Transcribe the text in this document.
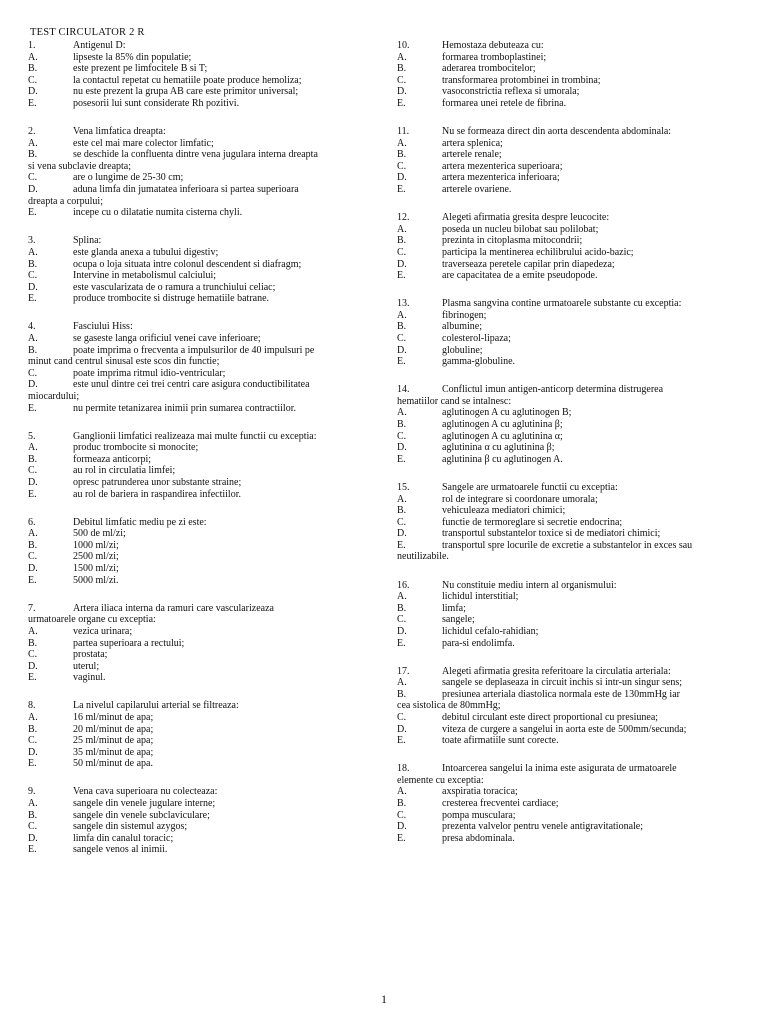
TEST CIRCULATOR 2 R
1.	Antigenul D:
A.	lipseste la 85% din populatie;
B.	este prezent pe limfocitele B si T;
C.	la contactul repetat cu hematiile poate produce hemoliza;
D.	nu este prezent la grupa AB care este primitor universal;
E.	posesorii lui sunt considerate Rh pozitivi.
2.	Vena limfatica dreapta:
A.	este cel mai mare colector limfatic;
B.	se deschide la confluenta dintre vena jugulara interna dreapta
si vena subclavie dreapta;
C.	are o lungime de 25-30 cm;
D.	aduna limfa din jumatatea inferioara si partea superioara
dreapta a corpului;
E.	incepe cu o dilatatie numita cisterna chyli.
3.	Splina:
A.	este glanda anexa a tubului digestiv;
B.	ocupa o loja situata intre colonul descendent si diafragm;
C.	Intervine in metabolismul calciului;
D.	este vascularizata de o ramura a trunchiului celiac;
E.	produce trombocite si distruge hematiile batrane.
4.	Fasciului Hiss:
A.	se gaseste langa orificiul venei cave inferioare;
B.	poate imprima o frecventa a impulsurilor de 40 impulsuri pe
minut cand centrul sinusal este scos din functie;
C.	poate imprima ritmul idio-ventricular;
D.	este unul dintre cei trei centri care asigura conductibilitatea
miocardului;
E.	nu permite tetanizarea inimii prin sumarea contractiilor.
5.	Ganglionii limfatici realizeaza mai multe functii cu exceptia:
A.	produc trombocite si monocite;
B.	formeaza anticorpi;
C.	au rol in circulatia limfei;
D.	opresc patrunderea unor substante straine;
E.	au rol de bariera in raspandirea infectiilor.
6.	Debitul limfatic mediu pe zi este:
A.	500 de ml/zi;
B.	1000 ml/zi;
C.	2500 ml/zi;
D.	1500 ml/zi;
E.	5000 ml/zi.
7.	Artera iliaca interna da ramuri care vascularizeaza
urmatoarele organe cu exceptia:
A.	vezica urinara;
B.	partea superioara a rectului;
C.	prostata;
D.	uterul;
E.	vaginul.
8.	La nivelul capilarului arterial se filtreaza:
A.	16 ml/minut de apa;
B.	20 ml/minut de apa;
C.	25 ml/minut de apa;
D.	35 ml/minut de apa;
E.	50 ml/minut de apa.
9.	Vena cava superioara nu colecteaza:
A.	sangele din venele jugulare interne;
B.	sangele din venele subclaviculare;
C.	sangele din sistemul azygos;
D.	limfa din canalul toracic;
E.	sangele venos al inimii.
10.	Hemostaza debuteaza cu:
A.	formarea tromboplastinei;
B.	aderarea trombocitelor;
C.	transformarea protombinei in trombina;
D.	vasoconstrictia reflexa si umorala;
E.	formarea unei retele de fibrina.
11.	Nu se formeaza direct din aorta descendenta abdominala:
A.	artera splenica;
B.	arterele renale;
C.	artera mezenterica superioara;
D.	artera mezenterica inferioara;
E.	arterele ovariene.
12.	Alegeti afirmatia gresita despre leucocite:
A.	poseda un nucleu bilobat sau polilobat;
B.	prezinta in citoplasma mitocondrii;
C.	participa la mentinerea echilibrului acido-bazic;
D.	traverseaza peretele capilar prin diapedeza;
E.	are capacitatea de a emite pseudopode.
13.	Plasma sangvina contine urmatoarele substante cu exceptia:
A.	fibrinogen;
B.	albumine;
C.	colesterol-lipaza;
D.	globuline;
E.	gamma-globuline.
14.	Conflictul imun antigen-anticorp determina distrugerea
hematiilor cand se intalnesc:
A.	aglutinogen A cu aglutinogen B;
B.	aglutinogen A cu aglutinina β;
C.	aglutinogen A cu aglutinina α;
D.	aglutinina α cu aglutinina β;
E.	aglutinina β cu aglutinogen A.
15.	Sangele are urmatoarele functii cu exceptia:
A.	rol de integrare si coordonare umorala;
B.	vehiculeaza mediatori chimici;
C.	functie de termoreglare si secretie endocrina;
D.	transportul substantelor toxice si de mediatori chimici;
E.	transportul spre locurile de excretie a substantelor in exces sau
neutilizabile.
16.	Nu constituie mediu intern al organismului:
A.	lichidul interstitial;
B.	limfa;
C.	sangele;
D.	lichidul cefalo-rahidian;
E.	para-si endolimfa.
17.	Alegeti afirmatia gresita referitoare la circulatia arteriala:
A.	sangele se deplaseaza in circuit inchis si intr-un singur sens;
B.	presiunea arteriala diastolica normala este de 130mmHg iar
cea sistolica de 80mmHg;
C.	debitul circulant este direct proportional cu presiunea;
D.	viteza de curgere a sangelui in aorta este de 500mm/secunda;
E.	toate afirmatiile sunt corecte.
18.	Intoarcerea sangelui la inima este asigurata de urmatoarele
elemente cu exceptia:
A.	axspiratia toracica;
B.	cresterea frecventei cardiace;
C.	pompa musculara;
D.	prezenta valvelor pentru venele antigravitationale;
E.	presa abdominala.
1
